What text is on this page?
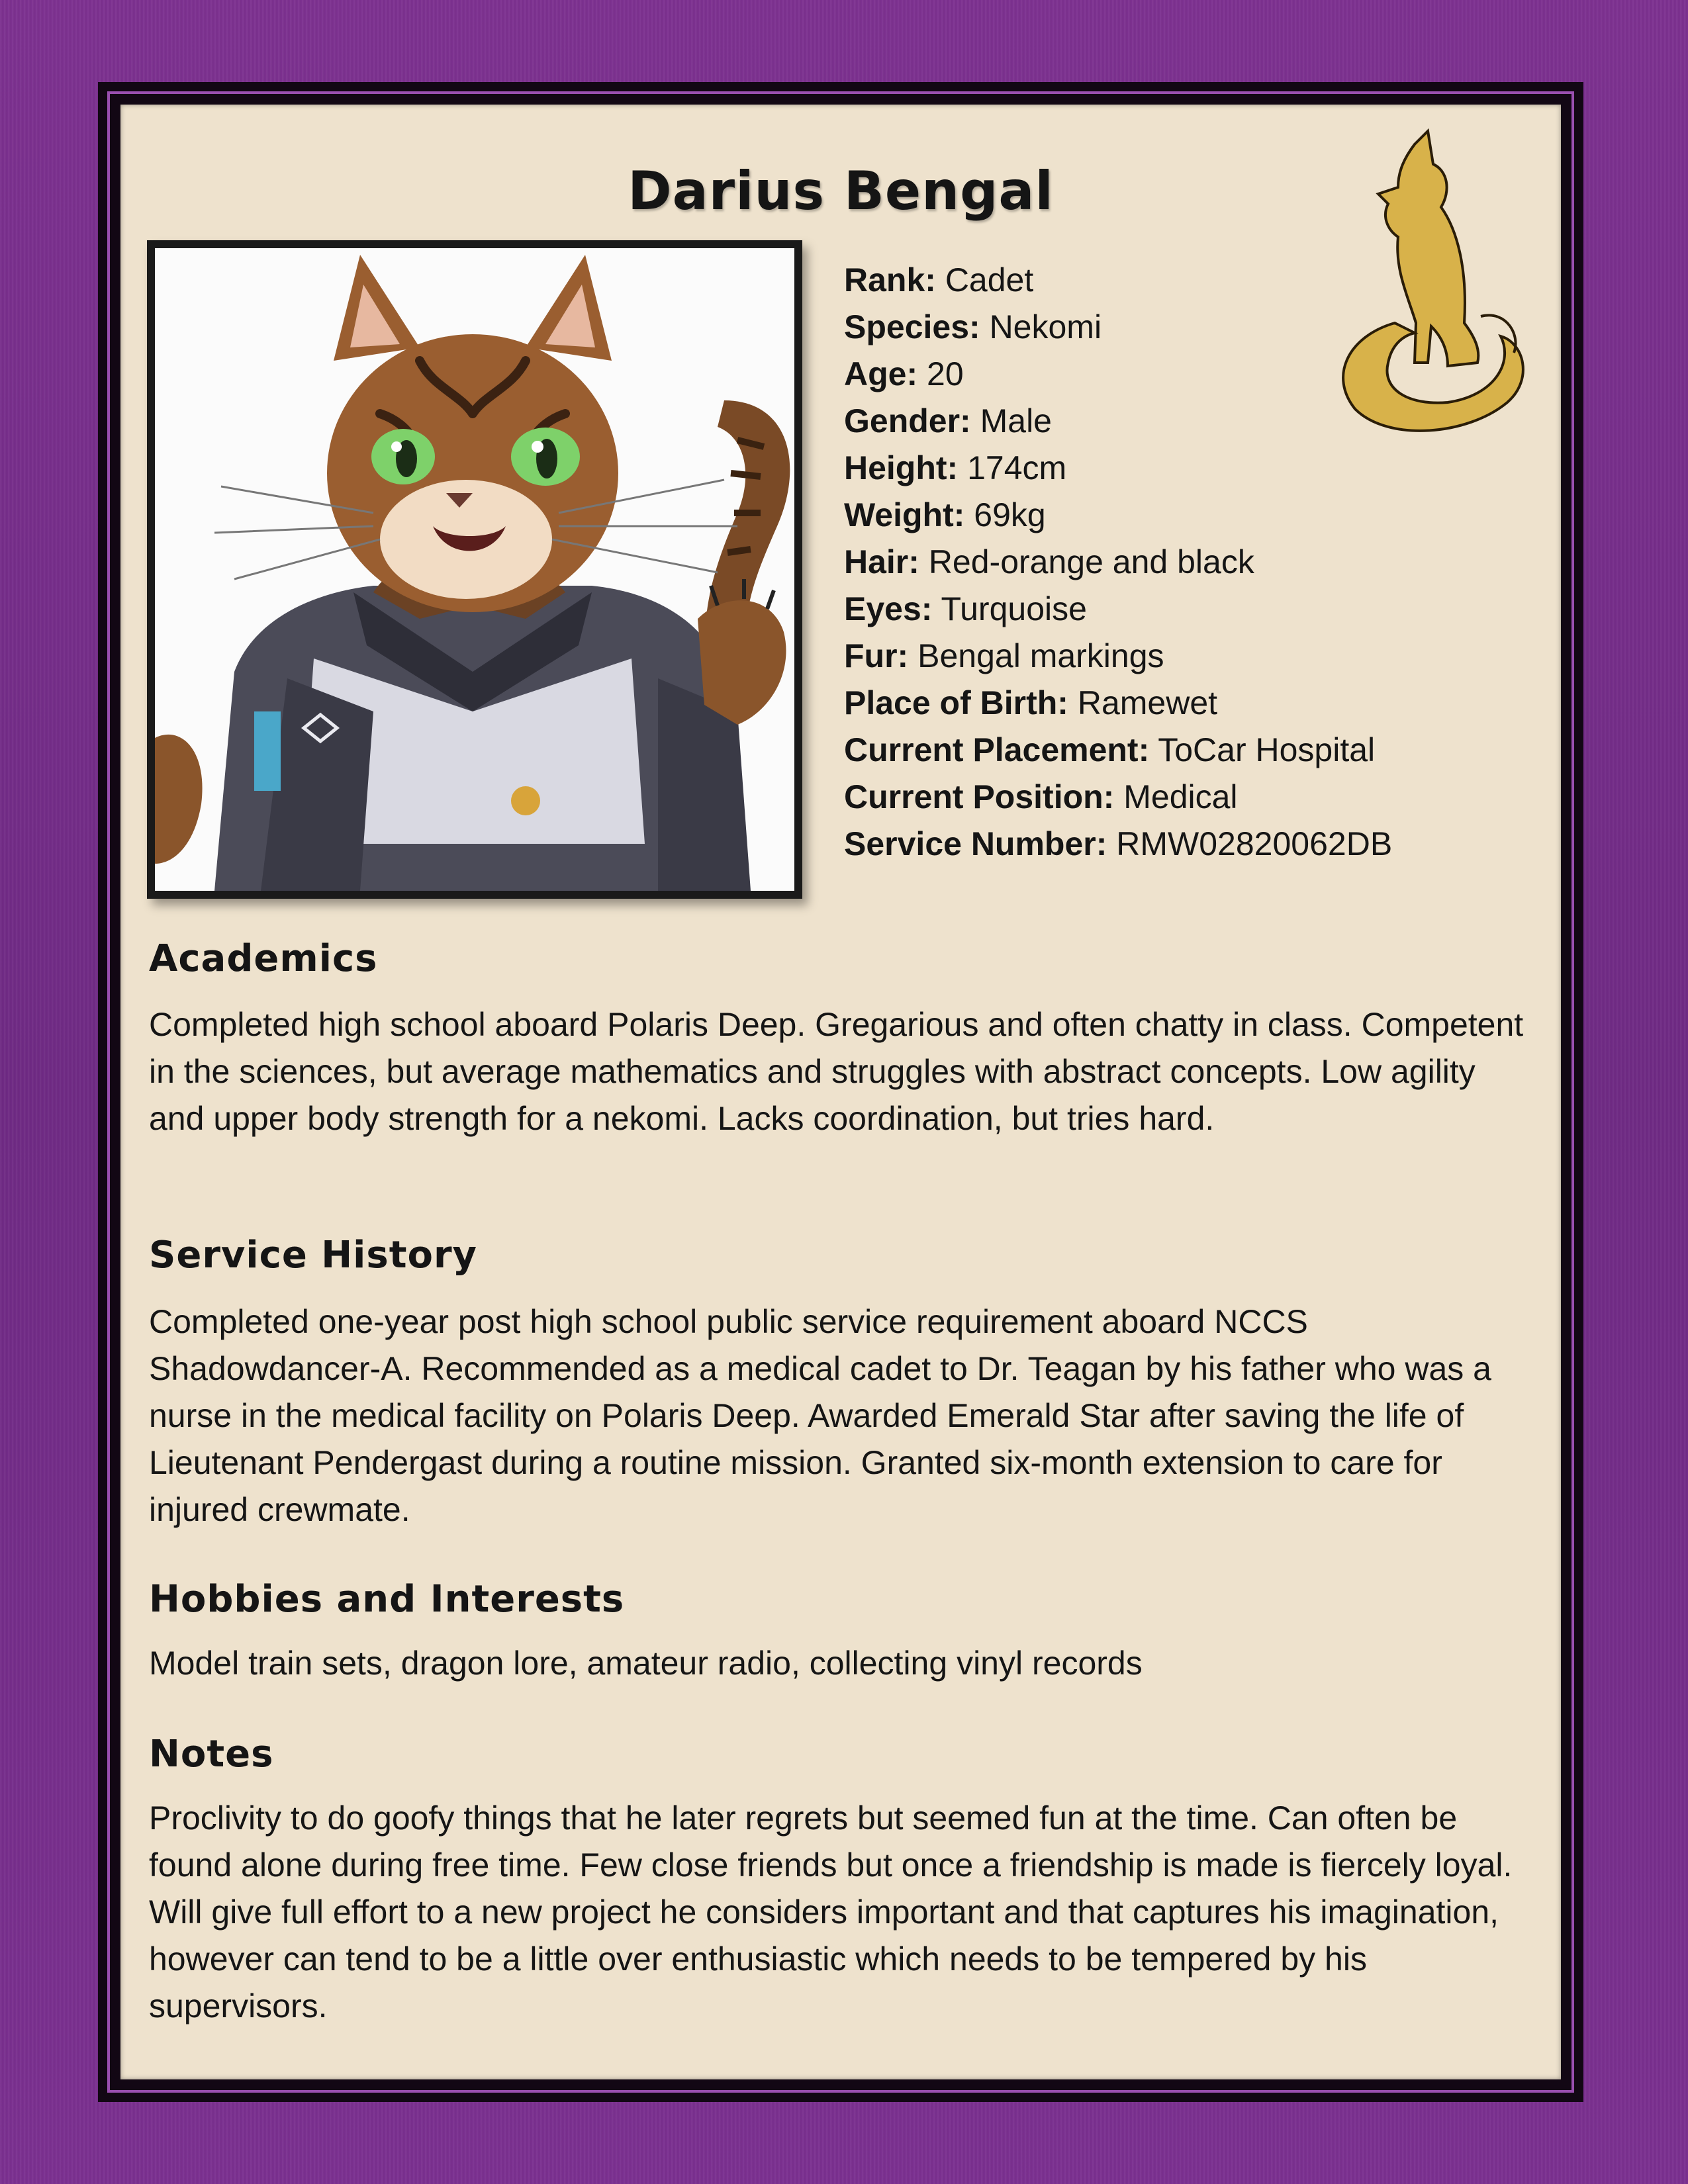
Darius Bengal
Rank: Cadet
Species: Nekomi
Age: 20
Gender: Male
Height: 174cm
Weight: 69kg
Hair: Red-orange and black
Eyes: Turquoise
Fur: Bengal markings
Place of Birth: Ramewet
Current Placement: ToCar Hospital
Current Position: Medical
Service Number: RMW02820062DB
Academics
Completed high school aboard Polaris Deep. Gregarious and often chatty in class. Competent in the sciences, but average mathematics and struggles with abstract concepts. Low agility and upper body strength for a nekomi. Lacks coordination, but tries hard.
Service History
Completed one-year post high school public service requirement aboard NCCS Shadowdancer-A. Recommended as a medical cadet to Dr. Teagan by his father who was a nurse in the medical facility on Polaris Deep. Awarded Emerald Star after saving the life of Lieutenant Pendergast during a routine mission. Granted six-month extension to care for injured crewmate.
Hobbies and Interests
Model train sets, dragon lore, amateur radio, collecting vinyl records
Notes
Proclivity to do goofy things that he later regrets but seemed fun at the time. Can often be found alone during free time. Few close friends but once a friendship is made is fiercely loyal. Will give full effort to a new project he considers important and that captures his imagination, however can tend to be a little over enthusiastic which needs to be tempered by his supervisors.
